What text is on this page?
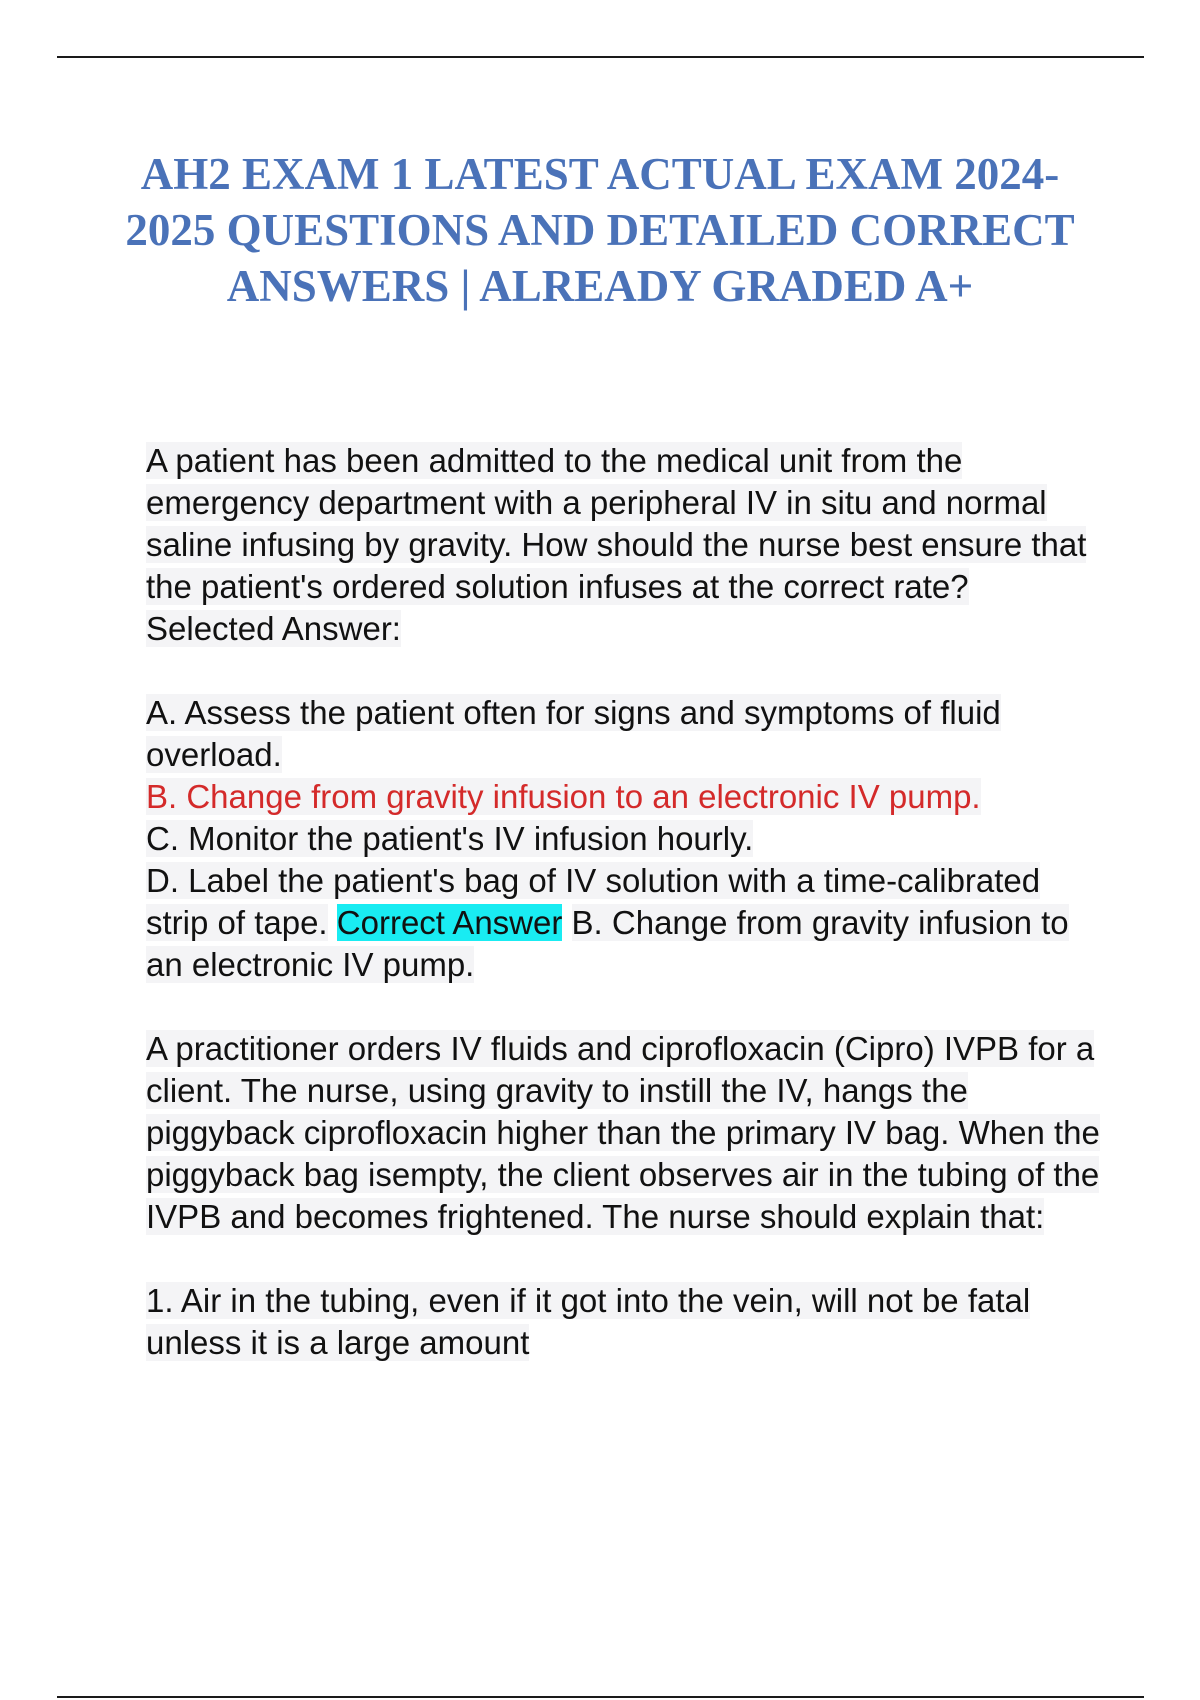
AH2 EXAM 1 LATEST ACTUAL EXAM 2024-2025 QUESTIONS AND DETAILED CORRECT ANSWERS | ALREADY GRADED A+

A patient has been admitted to the medical unit from the emergency department with a peripheral IV in situ and normal saline infusing by gravity. How should the nurse best ensure that the patient's ordered solution infuses at the correct rate?
Selected Answer:

A. Assess the patient often for signs and symptoms of fluid overload.
B. Change from gravity infusion to an electronic IV pump.
C. Monitor the patient's IV infusion hourly.
D. Label the patient's bag of IV solution with a time-calibrated strip of tape. Correct Answer B. Change from gravity infusion to an electronic IV pump.

A practitioner orders IV fluids and ciprofloxacin (Cipro) IVPB for a client. The nurse, using gravity to instill the IV, hangs the piggyback ciprofloxacin higher than the primary IV bag. When the piggyback bag isempty, the client observes air in the tubing of the IVPB and becomes frightened. The nurse should explain that:

1. Air in the tubing, even if it got into the vein, will not be fatal unless it is a large amount
